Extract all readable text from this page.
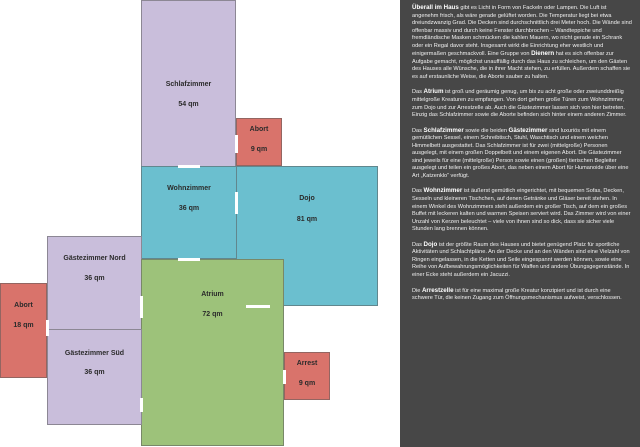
Schlafzimmer
54 qm
Abort
9 qm
Wohnzimmer
36 qm
Dojo
81 qm
Gästezimmer Nord
36 qm
Abort
18 qm
Atrium
72 qm
Gästezimmer Süd
36 qm
Arrest
9 qm

Überall im Haus gibt es Licht in Form von Fackeln oder Lampen. Die Luft ist angenehm frisch, als wäre gerade gelüftet worden. Die Temperatur liegt bei etwa dreiundzwanzig Grad. Die Decken sind durchschnittlich drei Meter hoch. Die Wände sind offenbar massiv und durch keine Fenster durchbrochen – Wandteppiche und fremdländische Masken schmücken die kahlen Mauern, wo nicht gerade ein Schrank oder ein Regal davor steht. Insgesamt wirkt die Einrichtung eher westlich und einigermaßen geschmackvoll. Eine Gruppe von Dienern hat es sich offenbar zur Aufgabe gemacht, möglichst unauffällig durch das Haus zu schleichen, um den Gästen des Hauses alle Wünsche, die in ihrer Macht stehen, zu erfüllen. Außerdem schaffen sie es auf erstaunliche Weise, die Aborte sauber zu halten.

Das Atrium ist groß und geräumig genug, um bis zu acht große oder zweiunddreißig mittelgroße Kreaturen zu empfangen. Von dort gehen große Türen zum Wohnzimmer, zum Dojo und zur Arrestzelle ab. Auch die Gästezimmer lassen sich von hier betreten. Einzig das Schlafzimmer sowie die Aborte befinden sich hinter einem anderen Zimmer.

Das Schlafzimmer sowie die beiden Gästezimmer sind luxuriös mit einem gemütlichen Sessel, einem Schreibtisch, Stuhl, Waschtisch und einem weichen Himmelbett ausgestattet. Das Schlafzimmer ist für zwei (mittelgroße) Personen ausgelegt, mit einem großen Doppelbett und einem eigenen Abort. Die Gästezimmer sind jeweils für eine (mittelgroße) Person sowie einen (großen) tierischen Begleiter ausgelegt und teilen ein großes Abort, das neben einem Abort für Humanoide über eine Art „Katzenklo“ verfügt.

Das Wohnzimmer ist äußerst gemütlich eingerichtet, mit bequemen Sofas, Decken, Sesseln und kleineren Tischchen, auf denen Getränke und Gläser bereit stehen. In einem Winkel des Wohnzimmers steht außerdem ein großer Tisch, auf dem ein großes Buffet mit leckeren kalten und warmen Speisen serviert wird. Das Zimmer wird von einer Unzahl von Kerzen beleuchtet – viele von ihnen sind so dick, dass sie sicher viele Stunden lang brennen können.

Das Dojo ist der größte Raum des Hauses und bietet genügend Platz für sportliche Aktivitäten und Schlachtpläne. An der Decke und an den Wänden sind eine Vielzahl von Ringen eingelassen, in die Ketten und Seile eingespannt werden können, sowie eine Reihe von Aufbewahrungsmöglichkeiten für Waffen und andere Übungsgegenstände. In einer Ecke steht außerdem ein Jacuzzi.

Die Arrestzelle ist für eine maximal große Kreatur konzipiert und ist durch eine schwere Tür, die keinen Zugang zum Öffnungsmechanismus aufweist, verschlossen.
